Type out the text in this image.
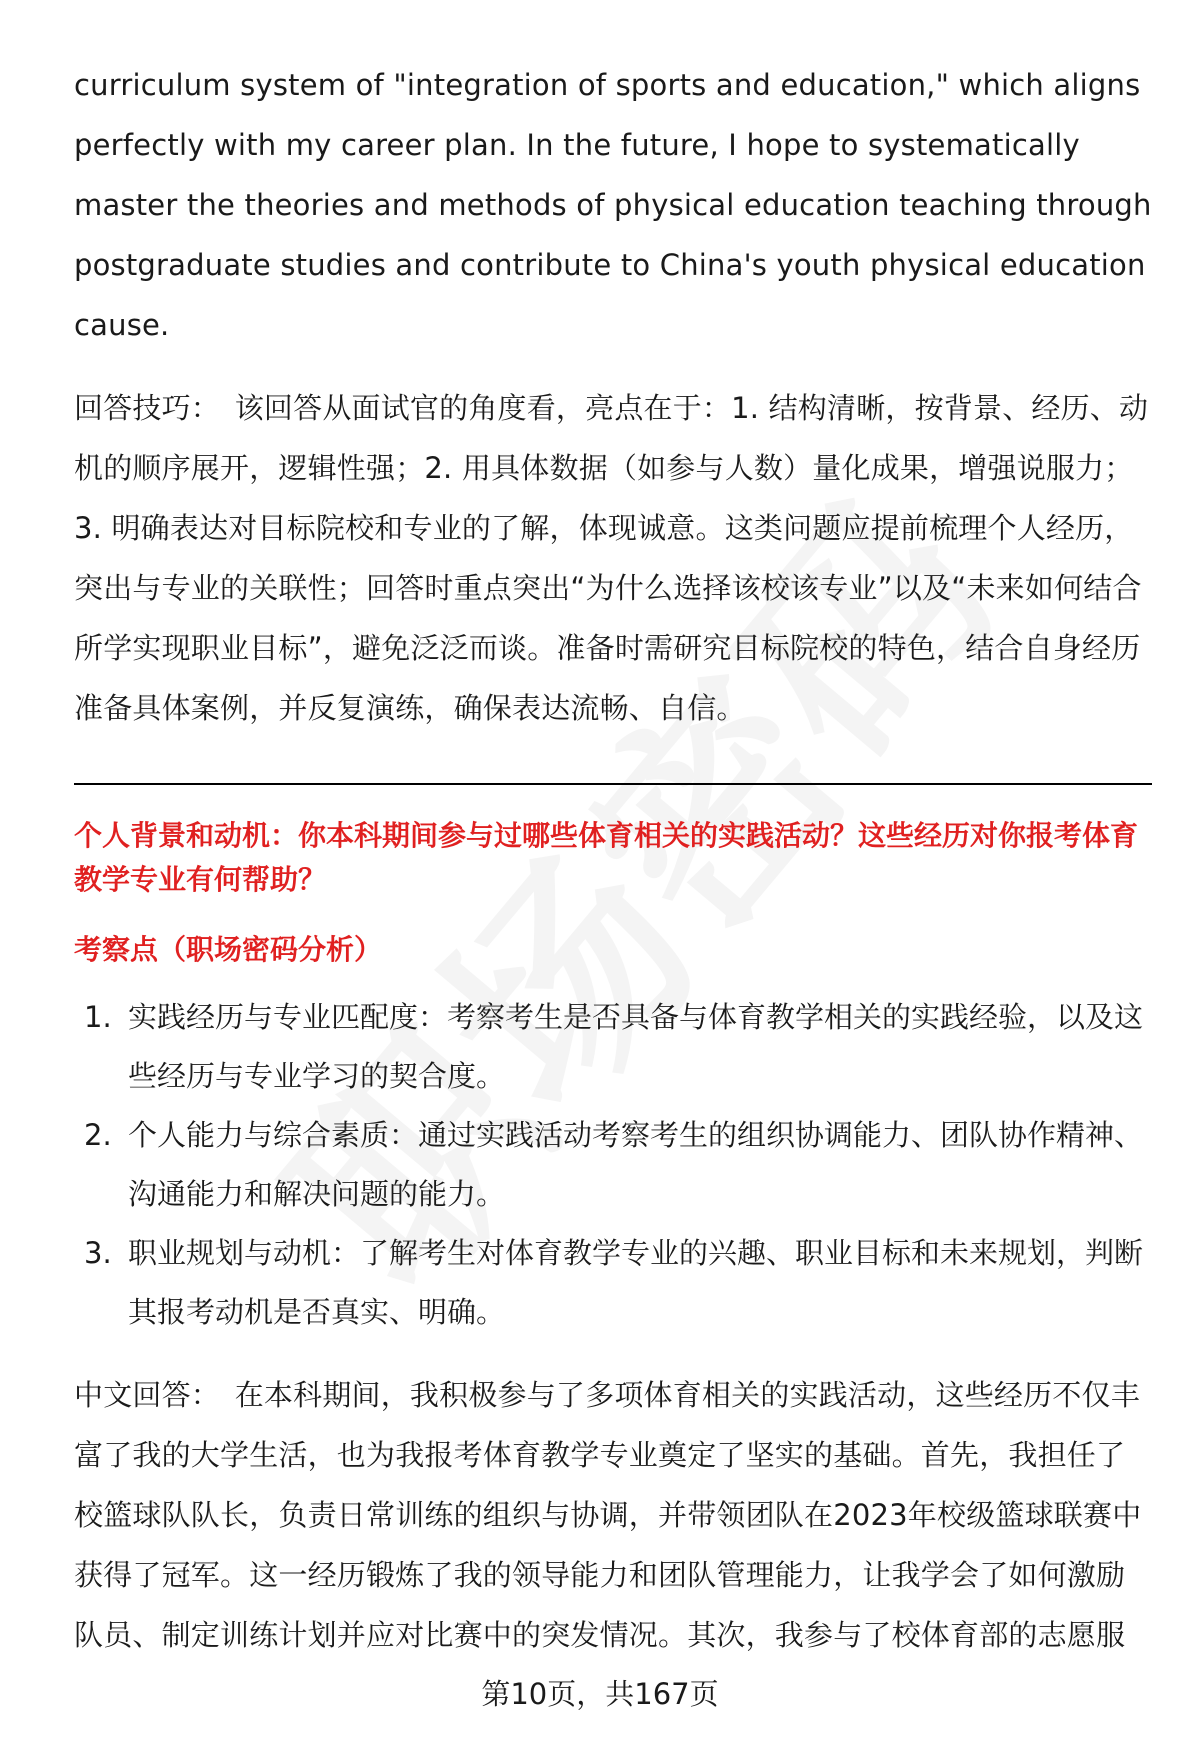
curriculum system of "integration of sports and education," which aligns perfectly with my career plan. In the future, I hope to systematically master the theories and methods of physical education teaching through postgraduate studies and contribute to China's youth physical education cause.

回答技巧：  该回答从面试官的角度看，亮点在于：1. 结构清晰，按背景、经历、动机的顺序展开，逻辑性强；2. 用具体数据（如参与人数）量化成果，增强说服力；3. 明确表达对目标院校和专业的了解，体现诚意。这类问题应提前梳理个人经历，突出与专业的关联性；回答时重点突出“为什么选择该校该专业”以及“未来如何结合所学实现职业目标”，避免泛泛而谈。准备时需研究目标院校的特色，结合自身经历准备具体案例，并反复演练，确保表达流畅、自信。

个人背景和动机：你本科期间参与过哪些体育相关的实践活动？这些经历对你报考体育教学专业有何帮助？

考察点（职场密码分析）

1. 实践经历与专业匹配度：考察考生是否具备与体育教学相关的实践经验，以及这些经历与专业学习的契合度。
2. 个人能力与综合素质：通过实践活动考察考生的组织协调能力、团队协作精神、沟通能力和解决问题的能力。
3. 职业规划与动机：了解考生对体育教学专业的兴趣、职业目标和未来规划，判断其报考动机是否真实、明确。

中文回答：  在本科期间，我积极参与了多项体育相关的实践活动，这些经历不仅丰富了我的大学生活，也为我报考体育教学专业奠定了坚实的基础。首先，我担任了校篮球队队长，负责日常训练的组织与协调，并带领团队在2023年校级篮球联赛中获得了冠军。这一经历锻炼了我的领导能力和团队管理能力，让我学会了如何激励队员、制定训练计划并应对比赛中的突发情况。其次，我参与了校体育部的志愿服

第10页，共167页
